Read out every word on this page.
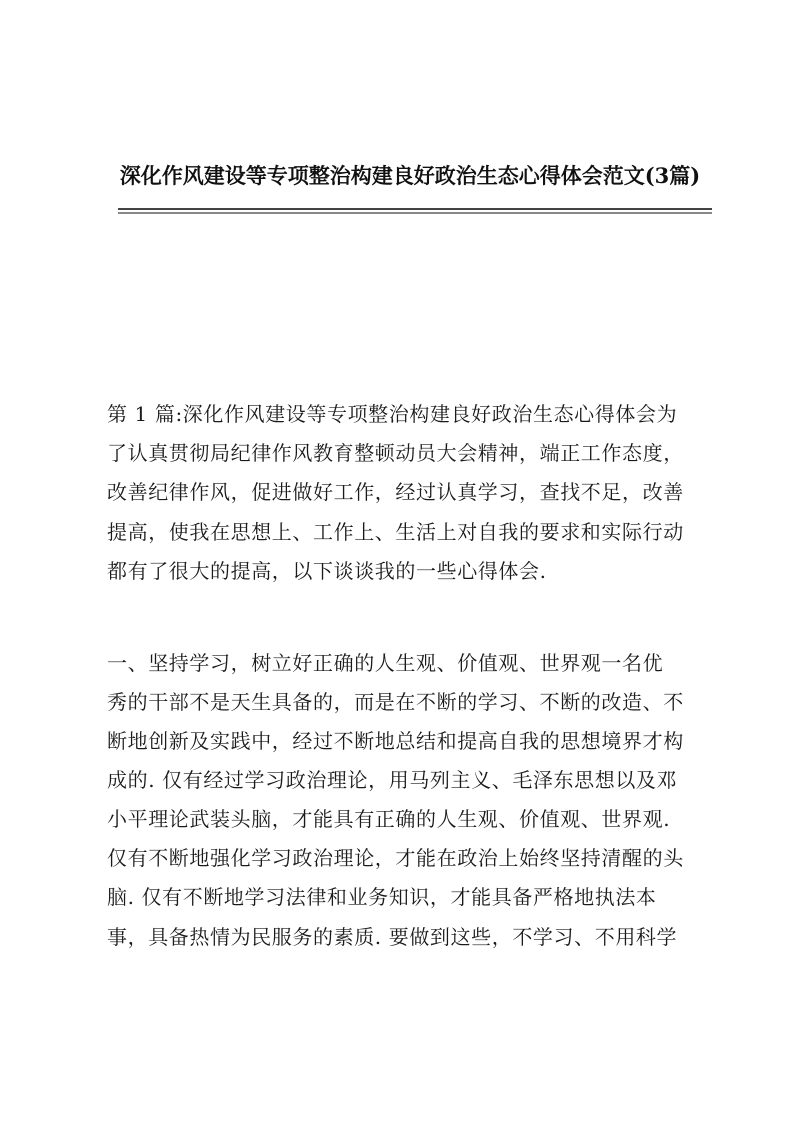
深化作风建设等专项整治构建良好政治生态心得体会范文(3篇)
第 1 篇:深化作风建设等专项整治构建良好政治生态心得体会为
了认真贯彻局纪律作风教育整顿动员大会精神，端正工作态度，
改善纪律作风，促进做好工作，经过认真学习，查找不足，改善
提高，使我在思想上、工作上、生活上对自我的要求和实际行动
都有了很大的提高，以下谈谈我的一些心得体会.
一、坚持学习，树立好正确的人生观、价值观、世界观一名优
秀的干部不是天生具备的，而是在不断的学习、不断的改造、不
断地创新及实践中，经过不断地总结和提高自我的思想境界才构
成的. 仅有经过学习政治理论，用马列主义、毛泽东思想以及邓
小平理论武装头脑，才能具有正确的人生观、价值观、世界观.
仅有不断地强化学习政治理论，才能在政治上始终坚持清醒的头
脑. 仅有不断地学习法律和业务知识，才能具备严格地执法本
事，具备热情为民服务的素质. 要做到这些，不学习、不用科学
